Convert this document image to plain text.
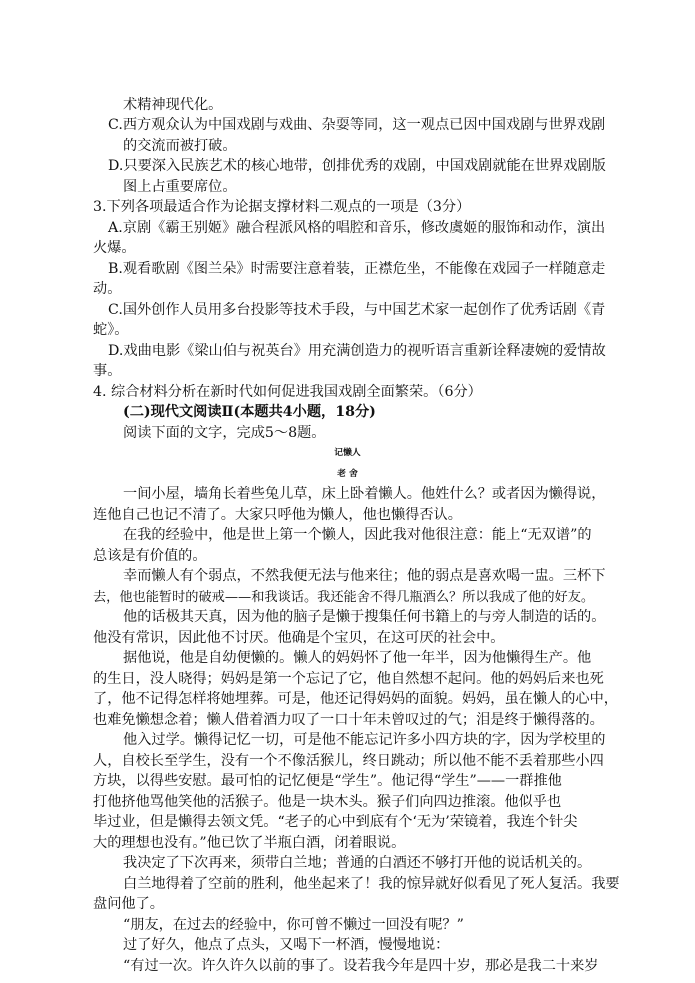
术精神现代化。
C.西方观众认为中国戏剧与戏曲、杂耍等同，这一观点已因中国戏剧与世界戏剧
的交流而被打破。
D.只要深入民族艺术的核心地带，创排优秀的戏剧，中国戏剧就能在世界戏剧版
图上占重要席位。
3.下列各项最适合作为论据支撑材料二观点的一项是（3分）
A.京剧《霸王别姬》融合程派风格的唱腔和音乐，修改虞姬的服饰和动作，演出
火爆。
B.观看歌剧《图兰朵》时需要注意着装，正襟危坐，不能像在戏园子一样随意走
动。
C.国外创作人员用多台投影等技术手段，与中国艺术家一起创作了优秀话剧《青
蛇》。
D.戏曲电影《梁山伯与祝英台》用充满创造力的视听语言重新诠释凄婉的爱情故
事。
4. 综合材料分析在新时代如何促进我国戏剧全面繁荣。（6分）
(二)现代文阅读Ⅱ(本题共4小题，18分)
阅读下面的文字，完成5～8题。
记懒人
老 舍
一间小屋，墙角长着些兔儿草，床上卧着懒人。他姓什么？或者因为懒得说，
连他自己也记不清了。大家只呼他为懒人，他也懒得否认。
在我的经验中，他是世上第一个懒人，因此我对他很注意：能上“无双谱”的
总该是有价值的。
幸而懒人有个弱点，不然我便无法与他来往；他的弱点是喜欢喝一盅。三杯下
去，他也能暂时的破戒——和我谈话。我还能舍不得几瓶酒么？所以我成了他的好友。
他的话极其天真，因为他的脑子是懒于搜集任何书籍上的与旁人制造的话的。
他没有常识，因此他不讨厌。他确是个宝贝，在这可厌的社会中。
据他说，他是自幼便懒的。懒人的妈妈怀了他一年半，因为他懒得生产。他
的生日，没人晓得；妈妈是第一个忘记了它，他自然想不起问。他的妈妈后来也死
了，他不记得怎样将她埋葬。可是，他还记得妈妈的面貌。妈妈，虽在懒人的心中，
也难免懒想念着；懒人借着酒力叹了一口十年未曾叹过的气；泪是终于懒得落的。
他入过学。懒得记忆一切，可是他不能忘记许多小四方块的字，因为学校里的
人，自校长至学生，没有一个不像活猴儿，终日跳动；所以他不能不丢着那些小四
方块，以得些安慰。最可怕的记忆便是“学生”。他记得“学生”——一群推他
打他挤他骂他笑他的活猴子。他是一块木头。猴子们向四边推滚。他似乎也
毕过业，但是懒得去领文凭。“老子的心中到底有个‘无为’荣镜着，我连个针尖
大的理想也没有。”他已饮了半瓶白酒，闭着眼说。
我决定了下次再来，须带白兰地；普通的白酒还不够打开他的说话机关的。
白兰地得着了空前的胜利，他坐起来了！我的惊异就好似看见了死人复活。我要
盘问他了。
“朋友，在过去的经验中，你可曾不懒过一回没有呢？”
过了好久，他点了点头，又喝下一杯酒，慢慢地说：
“有过一次。许久许久以前的事了。设若我今年是四十岁，那必是我二十来岁
